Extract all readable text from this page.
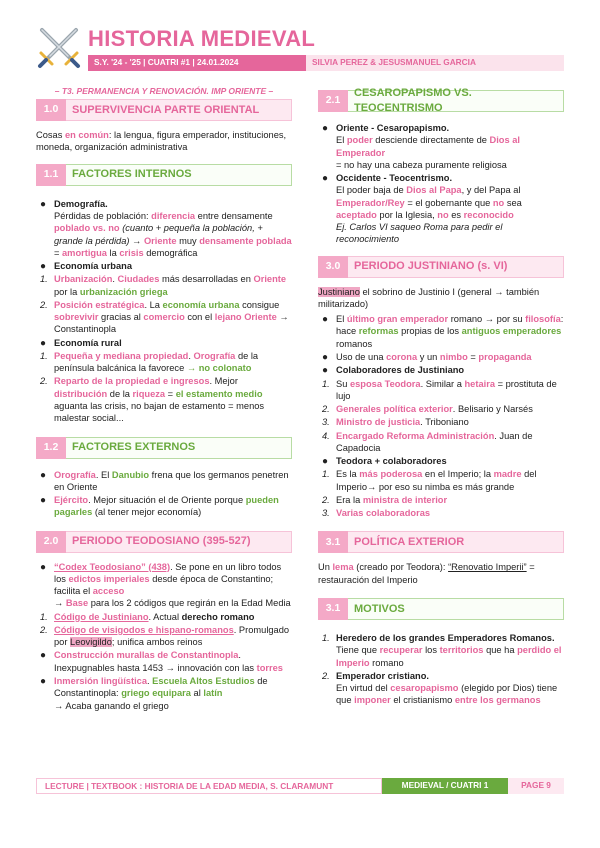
HISTORIA MEDIEVAL
S.Y. '24 - '25 | CUATRI #1 | 24.01.2024	SILVIA PEREZ & JESUSMANUEL GARCIA
– T3. PERMANENCIA Y RENOVACIÓN. IMP ORIENTE –
1.0	SUPERVIVENCIA PARTE ORIENTAL

Cosas en común: la lengua, figura emperador, instituciones, moneda, organización administrativa

1.1	FACTORES INTERNOS
● Demografía.
Pérdidas de población: diferencia entre densamente poblado vs. no (cuanto + pequeña la población, + grande la pérdida) → Oriente muy densamente poblada = amortigua la crisis demográfica
● Economía urbana
1. Urbanización. Ciudades más desarrolladas en Oriente por la urbanización griega
2. Posición estratégica. La economía urbana consigue sobrevivir gracias al comercio con el lejano Oriente → Constantinopla
● Economía rural
1. Pequeña y mediana propiedad. Orografía de la península balcánica la favorece → no colonato
2. Reparto de la propiedad e ingresos. Mejor distribución de la riqueza = el estamento medio aguanta las crisis, no bajan de estamento = menos malestar social...
1.2	FACTORES EXTERNOS
● Orografía. El Danubio frena que los germanos penetren en Oriente
● Ejército. Mejor situación el de Oriente porque pueden pagarles (al tener mejor economía)
2.0	PERIODO TEODOSIANO (395-527)
● “Codex Teodosiano” (438). Se pone en un libro todos los edictos imperiales desde época de Constantino; facilita el acceso
→ Base para los 2 códigos que regirán en la Edad Media
1. Código de Justiniano. Actual derecho romano
2. Código de visigodos e hispano-romanos. Promulgado por Leovigildo; unifica ambos reinos
● Construcción murallas de Constantinopla. Inexpugnables hasta 1453 → innovación con las torres
● Inmersión lingüística. Escuela Altos Estudios de Constantinopla: griego equipara al latín
→ Acaba ganando el griego
2.1
CESAROPAPISMO VS. TEOCENTRISMO
● Oriente - Cesaropapismo.
El poder desciende directamente de Dios al Emperador
= no hay una cabeza puramente religiosa
● Occidente - Teocentrismo.
El poder baja de Dios al Papa, y del Papa al Emperador/Rey = el gobernante que no sea aceptado por la Iglesia, no es reconocido
Ej. Carlos VI saqueo Roma para pedir el reconocimiento
3.0	PERIODO JUSTINIANO (s. VI)

Justiniano el sobrino de Justinio I (general → también militarizado)

● El último gran emperador romano → por su filosofía: hace reformas propias de los antiguos emperadores romanos
● Uso de una corona y un nimbo = propaganda
● Colaboradores de Justiniano
1. Su esposa Teodora. Similar a hetaira = prostituta de lujo
2. Generales política exterior. Belisario y Narsés
3. Ministro de justicia. Triboniano
4. Encargado Reforma Administración. Juan de Capadocia
● Teodora + colaboradores
1. Es la más poderosa en el Imperio; la madre del Imperio→ por eso su nimba es más grande
2. Era la ministra de interior
3. Varias colaboradoras
3.1	POLÍTICA EXTERIOR

Un lema (creado por Teodora): “Renovatio Imperii” = restauración del Imperio

3.1	MOTIVOS
1. Heredero de los grandes Emperadores Romanos.
Tiene que recuperar los territorios que ha perdido el Imperio romano
2. Emperador cristiano.
En virtud del cesaropapismo (elegido por Dios) tiene que imponer el cristianismo entre los germanos
LECTURE | TEXTBOOK : HISTORIA DE LA EDAD MEDIA, S. CLARAMUNT	MEDIEVAL / CUATRI 1	PAGE 9
